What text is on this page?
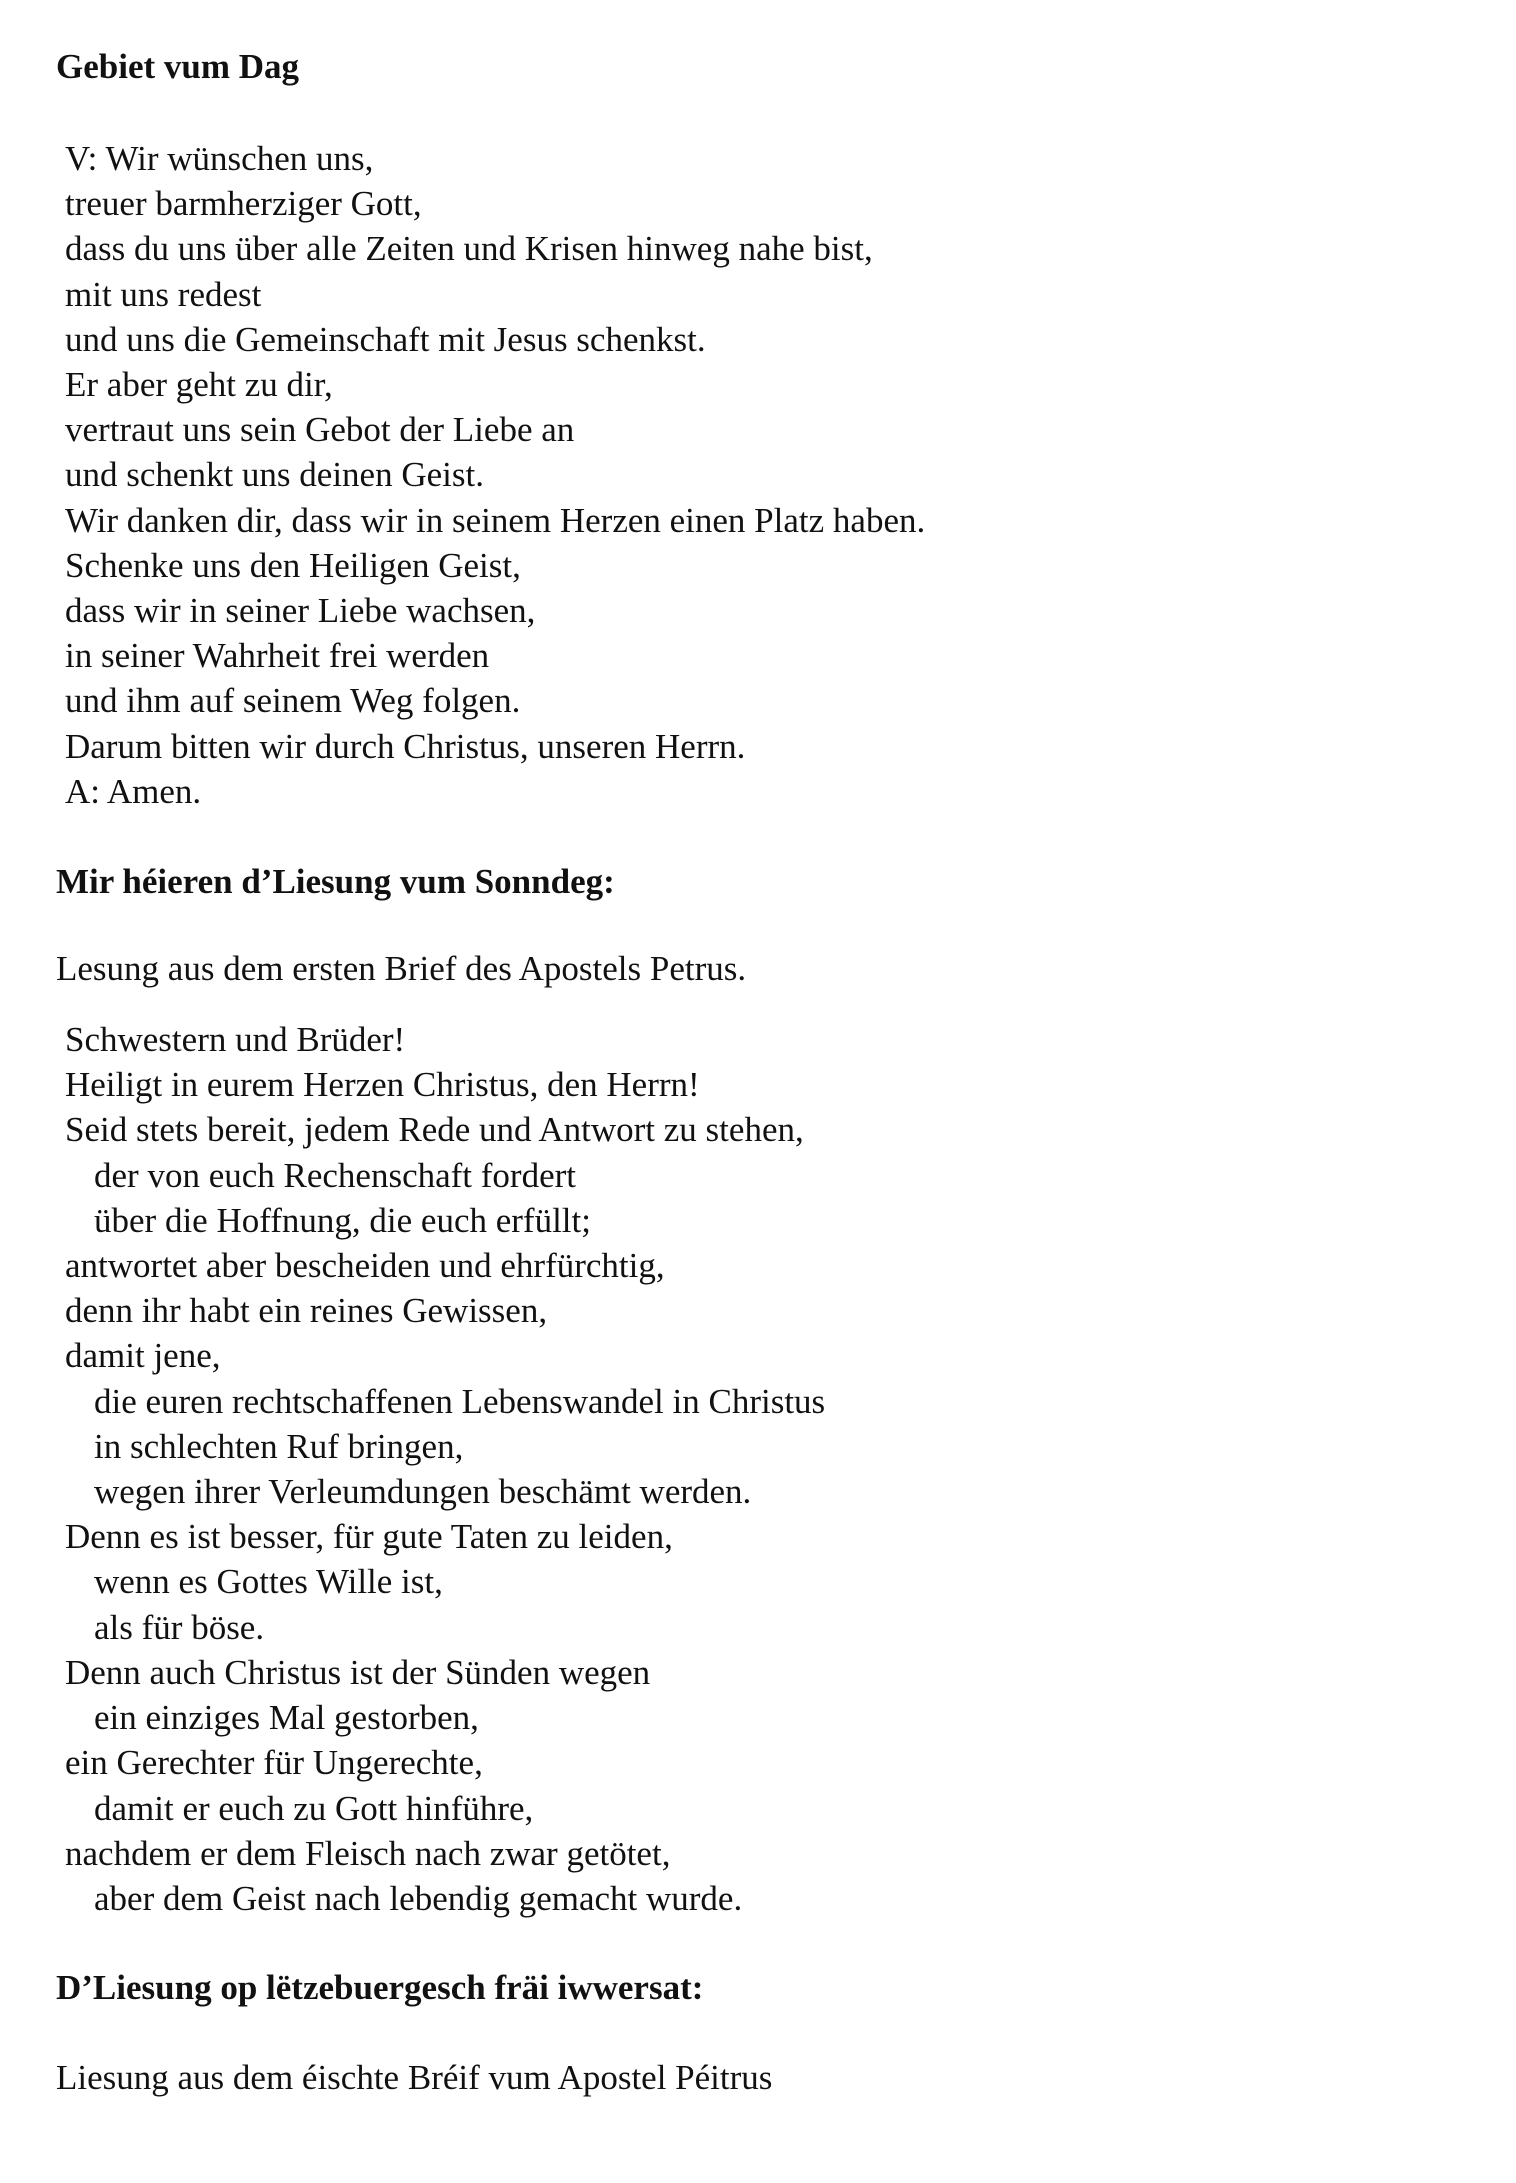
Gebiet vum Dag
V: Wir wünschen uns,
treuer barmherziger Gott,
dass du uns über alle Zeiten und Krisen hinweg nahe bist,
mit uns redest
und uns die Gemeinschaft mit Jesus schenkst.
Er aber geht zu dir,
vertraut uns sein Gebot der Liebe an
und schenkt uns deinen Geist.
Wir danken dir, dass wir in seinem Herzen einen Platz haben.
Schenke uns den Heiligen Geist,
dass wir in seiner Liebe wachsen,
in seiner Wahrheit frei werden
und ihm auf seinem Weg folgen.
Darum bitten wir durch Christus, unseren Herrn.
A: Amen.
Mir héieren d’Liesung vum Sonndeg:

Lesung aus dem ersten Brief des Apostels Petrus.

Schwestern und Brüder!
Heiligt in eurem Herzen Christus, den Herrn!
Seid stets bereit, jedem Rede und Antwort zu stehen,
der von euch Rechenschaft fordert
über die Hoffnung, die euch erfüllt;
antwortet aber bescheiden und ehrfürchtig,
denn ihr habt ein reines Gewissen,
damit jene,
die euren rechtschaffenen Lebenswandel in Christus
in schlechten Ruf bringen,
wegen ihrer Verleumdungen beschämt werden.
Denn es ist besser, für gute Taten zu leiden,
wenn es Gottes Wille ist,
als für böse.
Denn auch Christus ist der Sünden wegen
ein einziges Mal gestorben,
ein Gerechter für Ungerechte,
damit er euch zu Gott hinführe,
nachdem er dem Fleisch nach zwar getötet,
aber dem Geist nach lebendig gemacht wurde.
D’Liesung op lëtzebuergesch fräi iwwersat:

Liesung aus dem éischte Bréif vum Apostel Péitrus
